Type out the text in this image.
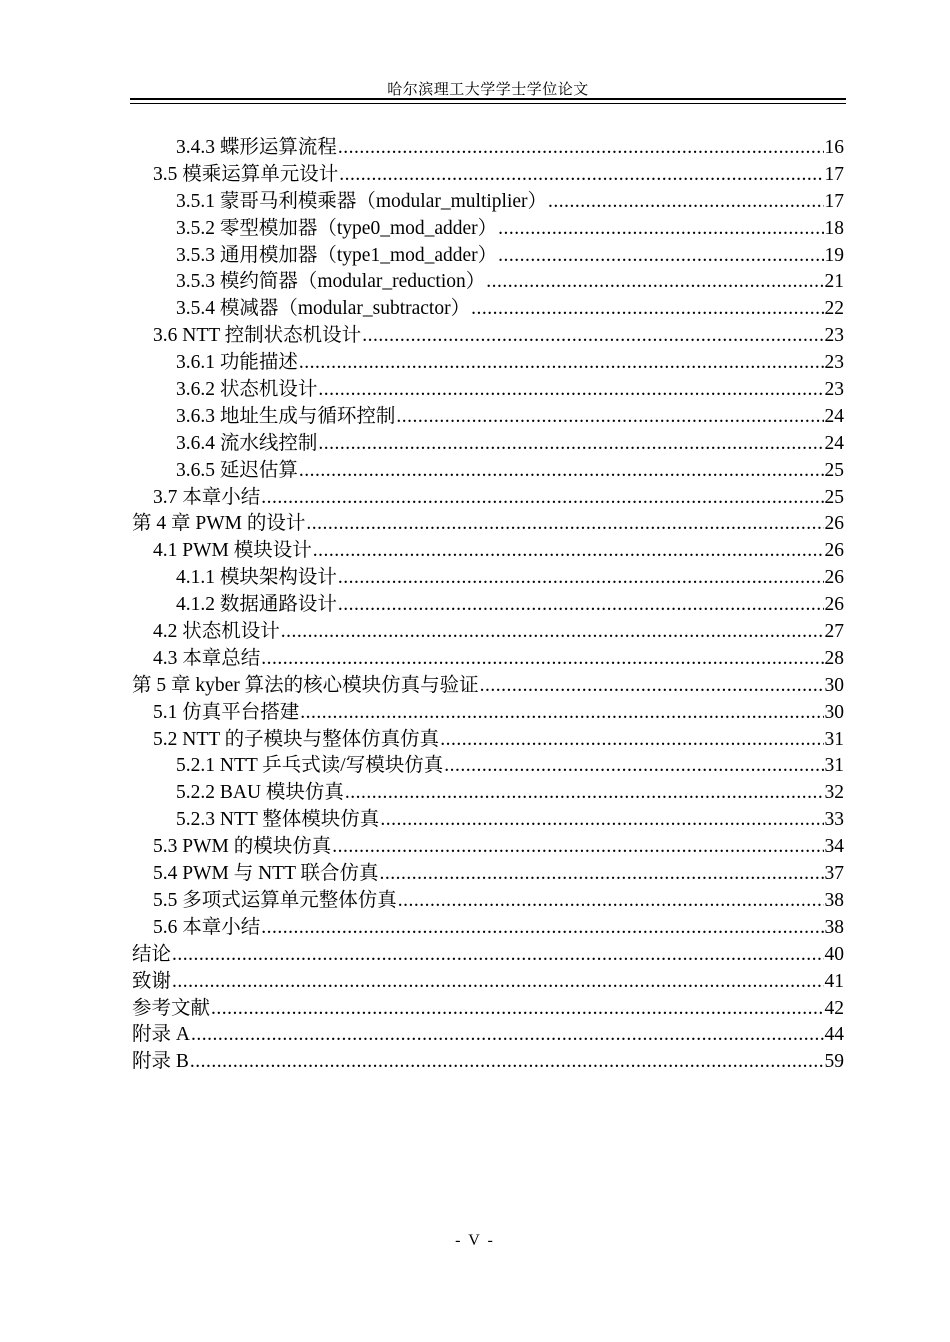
哈尔滨理工大学学士学位论文
3.4.3 蝶形运算流程 .....	16
3.5 模乘运算单元设计 .....	17
3.5.1 蒙哥马利模乘器（modular_multiplier） .....	17
3.5.2 零型模加器（type0_mod_adder） .....	18
3.5.3 通用模加器（type1_mod_adder） .....	19
3.5.3 模约简器（modular_reduction） .....	21
3.5.4 模减器（modular_subtractor） .....	22
3.6 NTT 控制状态机设计 .....	23
3.6.1 功能描述 .....	23
3.6.2 状态机设计 .....	23
3.6.3 地址生成与循环控制 .....	24
3.6.4 流水线控制 .....	24
3.6.5 延迟估算 .....	25
3.7 本章小结 .....	25
第 4 章 PWM 的设计 .....	26
4.1 PWM 模块设计 .....	26
4.1.1 模块架构设计 .....	26
4.1.2 数据通路设计 .....	26
4.2 状态机设计 .....	27
4.3 本章总结 .....	28
第 5 章 kyber 算法的核心模块仿真与验证 .....	30
5.1 仿真平台搭建 .....	30
5.2 NTT 的子模块与整体仿真仿真 .....	31
5.2.1 NTT 乒乓式读/写模块仿真 .....	31
5.2.2 BAU 模块仿真 .....	32
5.2.3 NTT 整体模块仿真 .....	33
5.3 PWM 的模块仿真 .....	34
5.4 PWM 与 NTT 联合仿真 .....	37
5.5 多项式运算单元整体仿真 .....	38
5.6 本章小结 .....	38
结论 .....	40
致谢 .....	41
参考文献 .....	42
附录 A .....	44
附录 B .....	59
- V -
